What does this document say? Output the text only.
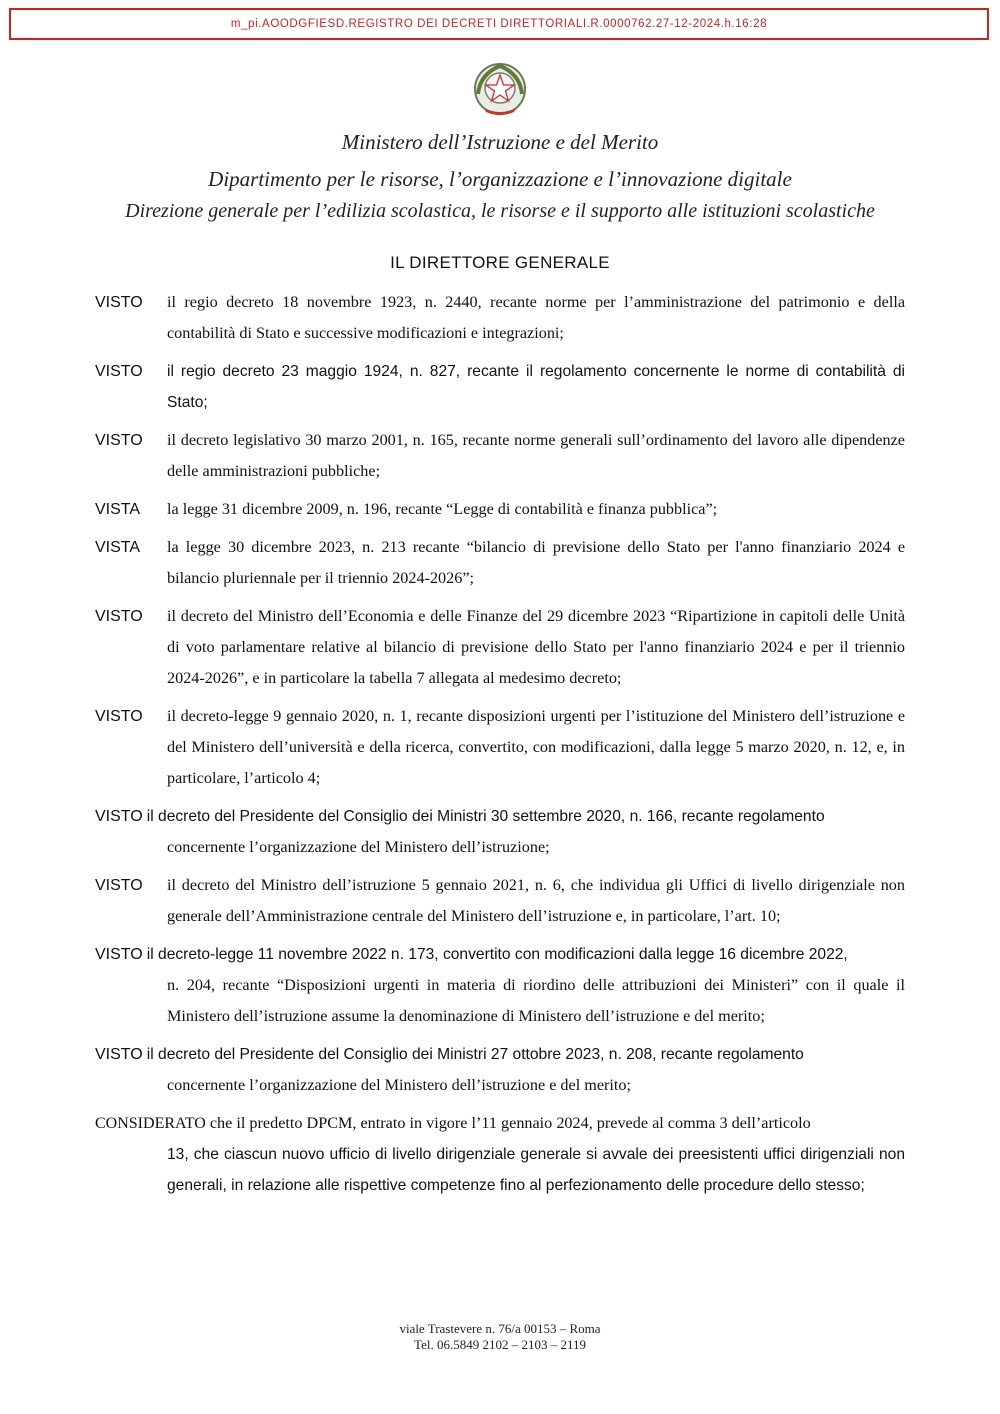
m_pi.AOODGFIESD.REGISTRO DEI DECRETI DIRETTORIALI.R.0000762.27-12-2024.h.16:28
Ministero dell’Istruzione e del Merito
Dipartimento per le risorse, l’organizzazione e l’innovazione digitale
Direzione generale per l’edilizia scolastica, le risorse e il supporto alle istituzioni scolastiche
IL DIRETTORE GENERALE
VISTO il regio decreto 18 novembre 1923, n. 2440, recante norme per l’amministrazione del patrimonio e della contabilità di Stato e successive modificazioni e integrazioni;
VISTO il regio decreto 23 maggio 1924, n. 827, recante il regolamento concernente le norme di contabilità di Stato;
VISTO il decreto legislativo 30 marzo 2001, n. 165, recante norme generali sull’ordinamento del lavoro alle dipendenze delle amministrazioni pubbliche;
VISTA la legge 31 dicembre 2009, n. 196, recante “Legge di contabilità e finanza pubblica”;
VISTA la legge 30 dicembre 2023, n. 213 recante “bilancio di previsione dello Stato per l'anno finanziario 2024 e bilancio pluriennale per il triennio 2024-2026”;
VISTO il decreto del Ministro dell’Economia e delle Finanze del 29 dicembre 2023 “Ripartizione in capitoli delle Unità di voto parlamentare relative al bilancio di previsione dello Stato per l'anno finanziario 2024 e per il triennio 2024-2026”, e in particolare la tabella 7 allegata al medesimo decreto;
VISTO il decreto-legge 9 gennaio 2020, n. 1, recante disposizioni urgenti per l’istituzione del Ministero dell’istruzione e del Ministero dell’università e della ricerca, convertito, con modificazioni, dalla legge 5 marzo 2020, n. 12, e, in particolare, l’articolo 4;
VISTO il decreto del Presidente del Consiglio dei Ministri 30 settembre 2020, n. 166, recante regolamento
concernente l’organizzazione del Ministero dell’istruzione;
VISTO il decreto del Ministro dell’istruzione 5 gennaio 2021, n. 6, che individua gli Uffici di livello dirigenziale non generale dell’Amministrazione centrale del Ministero dell’istruzione e, in particolare, l’art. 10;
VISTO il decreto-legge 11 novembre 2022 n. 173, convertito con modificazioni dalla legge 16 dicembre 2022,
n. 204, recante “Disposizioni urgenti in materia di riordino delle attribuzioni dei Ministeri” con il quale il Ministero dell’istruzione assume la denominazione di Ministero dell’istruzione e del merito;
VISTO il decreto del Presidente del Consiglio dei Ministri 27 ottobre 2023, n. 208, recante regolamento
concernente l’organizzazione del Ministero dell’istruzione e del merito;
CONSIDERATO che il predetto DPCM, entrato in vigore l’11 gennaio 2024, prevede al comma 3 dell’articolo
13, che ciascun nuovo ufficio di livello dirigenziale generale si avvale dei preesistenti uffici dirigenziali non generali, in relazione alle rispettive competenze fino al perfezionamento delle procedure dello stesso;
viale Trastevere n. 76/a 00153 – Roma
Tel. 06.5849 2102 – 2103 – 2119
